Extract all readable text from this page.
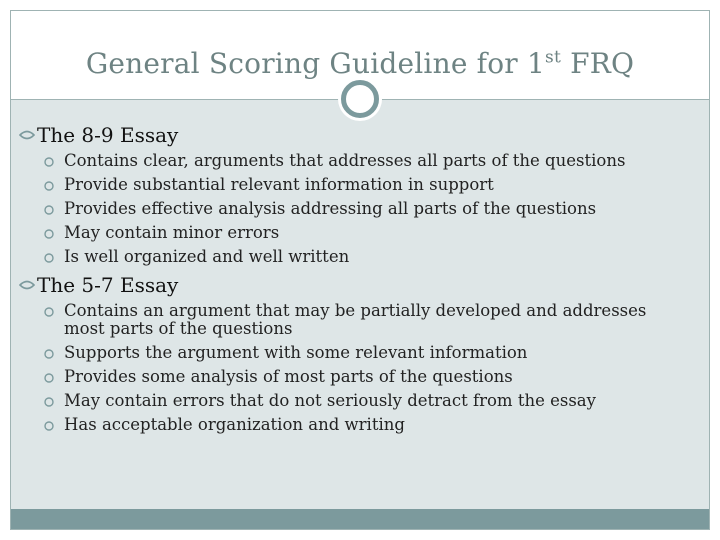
General Scoring Guideline for 1st FRQ
The 8-9 Essay
Contains clear, arguments that addresses all parts of the questions
Provide substantial relevant information in support
Provides effective analysis addressing all parts of the questions
May contain minor errors
Is well organized and well written
The 5-7 Essay
Contains an argument that may be partially developed and addresses most parts of the questions
Supports the argument with some relevant information
Provides some analysis of most parts of the questions
May contain errors that do not seriously detract from the essay
Has acceptable organization and writing
